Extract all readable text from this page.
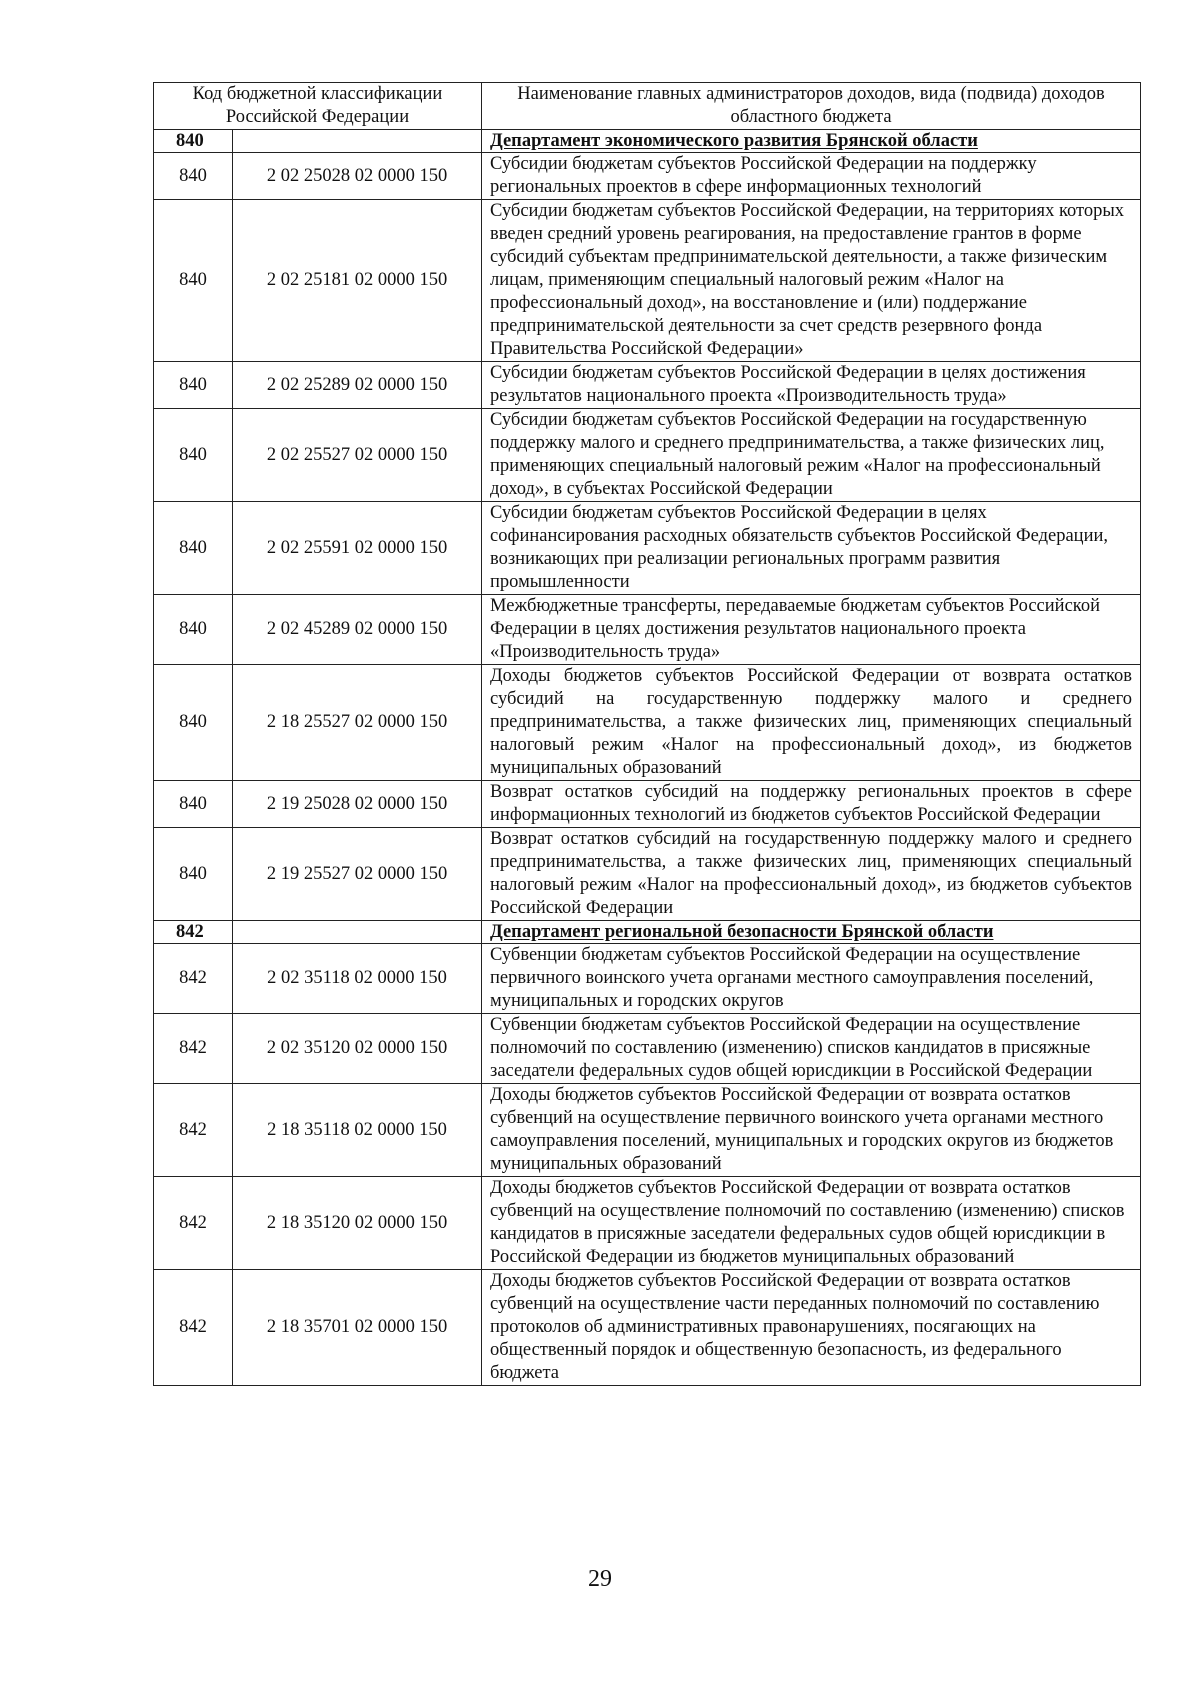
Код бюджетной классификации Российской Федерации		Наименование главных администраторов доходов, вида (подвида) доходов областного бюджета
840		Департамент экономического развития Брянской области
840	2 02 25028 02 0000 150	Субсидии бюджетам субъектов Российской Федерации на поддержку региональных проектов в сфере информационных технологий
840	2 02 25181 02 0000 150	Субсидии бюджетам субъектов Российской Федерации, на территориях которых введен средний уровень реагирования, на предоставление грантов в форме субсидий субъектам предпринимательской деятельности, а также физическим лицам, применяющим специальный налоговый режим «Налог на профессиональный доход», на восстановление и (или) поддержание предпринимательской деятельности за счет средств резервного фонда Правительства Российской Федерации»
840	2 02 25289 02 0000 150	Субсидии бюджетам субъектов Российской Федерации в целях достижения результатов национального проекта «Производительность труда»
840	2 02 25527 02 0000 150	Субсидии бюджетам субъектов Российской Федерации на государственную поддержку малого и среднего предпринимательства, а также физических лиц, применяющих специальный налоговый режим «Налог на профессиональный доход», в субъектах Российской Федерации
840	2 02 25591 02 0000 150	Субсидии бюджетам субъектов Российской Федерации в целях софинансирования расходных обязательств субъектов Российской Федерации, возникающих при реализации региональных программ развития промышленности
840	2 02 45289 02 0000 150	Межбюджетные трансферты, передаваемые бюджетам субъектов Российской Федерации в целях достижения результатов национального проекта «Производительность труда»
840	2 18 25527 02 0000 150	Доходы бюджетов субъектов Российской Федерации от возврата остатков субсидий на государственную поддержку малого и среднего предпринимательства, а также физических лиц, применяющих специальный налоговый режим «Налог на профессиональный доход», из бюджетов муниципальных образований
840	2 19 25028 02 0000 150	Возврат остатков субсидий на поддержку региональных проектов в сфере информационных технологий из бюджетов субъектов Российской Федерации
840	2 19 25527 02 0000 150	Возврат остатков субсидий на государственную поддержку малого и среднего предпринимательства, а также физических лиц, применяющих специальный налоговый режим «Налог на профессиональный доход», из бюджетов субъектов Российской Федерации
842		Департамент региональной безопасности Брянской области
842	2 02 35118 02 0000 150	Субвенции бюджетам субъектов Российской Федерации на осуществление первичного воинского учета органами местного самоуправления поселений, муниципальных и городских округов
842	2 02 35120 02 0000 150	Субвенции бюджетам субъектов Российской Федерации на осуществление полномочий по составлению (изменению) списков кандидатов в присяжные заседатели федеральных судов общей юрисдикции в Российской Федерации
842	2 18 35118 02 0000 150	Доходы бюджетов субъектов Российской Федерации от возврата остатков субвенций на осуществление первичного воинского учета органами местного самоуправления поселений, муниципальных и городских округов из бюджетов муниципальных образований
842	2 18 35120 02 0000 150	Доходы бюджетов субъектов Российской Федерации от возврата остатков субвенций на осуществление полномочий по составлению (изменению) списков кандидатов в присяжные заседатели федеральных судов общей юрисдикции в Российской Федерации из бюджетов муниципальных образований
842	2 18 35701 02 0000 150	Доходы бюджетов субъектов Российской Федерации от возврата остатков субвенций на осуществление части переданных полномочий по составлению протоколов об административных правонарушениях, посягающих на общественный порядок и общественную безопасность, из федерального бюджета
29
